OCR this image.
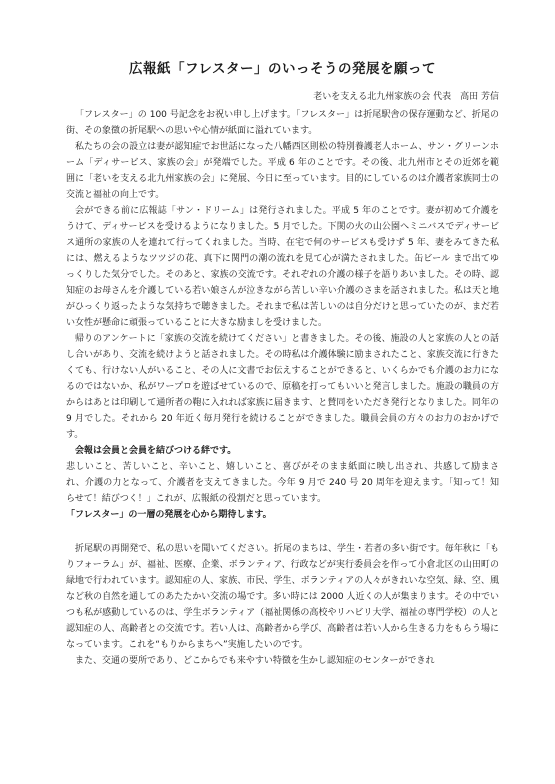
広報紙「フレスター」のいっそうの発展を願って

老いを支える北九州家族の会 代表　高田 芳信

「フレスター」の 100 号記念をお祝い申し上げます。「フレスター」は折尾駅舎の保存運動など、折尾の街、その象徴の折尾駅への思いや心情が紙面に溢れています。

私たちの会の設立は妻が認知症でお世話になった八幡西区則松の特別養護老人ホーム、サン・グリーンホーム「ディサービス、家族の会」が発端でした。平成 6 年のことです。その後、北九州市とその近郊を範囲に「老いを支える北九州家族の会」に発展、今日に至っています。目的にしているのは介護者家族同士の交流と福祉の向上です。

会ができる前に広報誌「サン・ドリーム」は発行されました。平成 5 年のことです。妻が初めて介護をうけて、ディサービスを受けるようになりました。5 月でした。下関の火の山公園へミニバスでディサービス通所の家族の人を連れて行ってくれました。当時、在宅で何のサービスも受けず 5 年、妻をみてきた私には、燃えるようなツツジの花、真下に関門の潮の流れを見て心が満たされました。缶ビール まで出てゆっくりした気分でした。そのあと、家族の交流です。それぞれの介護の様子を語りあいました。その時、認知症のお母さんを介護している若い娘さんが泣きながら苦しい辛い介護のさまを話されました。私は天と地がひっくり返ったような気持ちで聴きました。それまで私は苦しいのは自分だけと思っていたのが、まだ若い女性が懸命に頑張っていることに大きな励ましを受けました。

帰りのアンケートに「家族の交流を続けてください」と書きました。その後、施設の人と家族の人との話し合いがあり、交流を続けようと話されました。その時私は介護体験に励まされたこと、家族交流に行きたくても、行けない人がいること、その人に文書でお伝えすることができると、いくらかでも介護のお力になるのではないか、私がワープロを遊ばせているので、原稿を打ってもいいと発言しました。施設の職員の方からはあとは印刷して通所者の鞄に入れれば家族に届きます、と賛同をいただき発行となりました。同年の 9 月でした。それから 20 年近く毎月発行を続けることができました。職員会員の方々のお力のおかげです。

会報は会員と会員を結びつける絆です。

悲しいこと、苦しいこと、辛いこと、嬉しいこと、喜びがそのまま紙面に映し出され、共感して励まされ、介護の力となって、介護者を支えてきました。今年 9 月で 240 号 20 周年を迎えます。「知って！知らせて！結びつく！」これが、広報紙の役割だと思っています。

「フレスター」の一層の発展を心から期待します。

折尾駅の再開発で、私の思いを聞いてください。折尾のまちは、学生・若者の多い街です。毎年秋に「もりフォーラム」が、福祉、医療、企業、ボランティア、行政などが実行委員会を作って小倉北区の山田町の緑地で行われています。認知症の人、家族、市民、学生、ボランティアの人々がきれいな空気、緑、空、風など秋の自然を通してのあたたかい交流の場です。多い時には 2000 人近くの人が集まります。その中でいつも私が感動しているのは、学生ボランティア（福祉関係の高校やリハビリ大学、福祉の専門学校）の人と認知症の人、高齢者との交流です。若い人は、高齢者から学び、高齢者は若い人から生きる力をもらう場になっています。これを“もりからまちへ”実施したいのです。

また、交通の要所であり、どこからでも来やすい特徴を生かし認知症のセンターができれ
